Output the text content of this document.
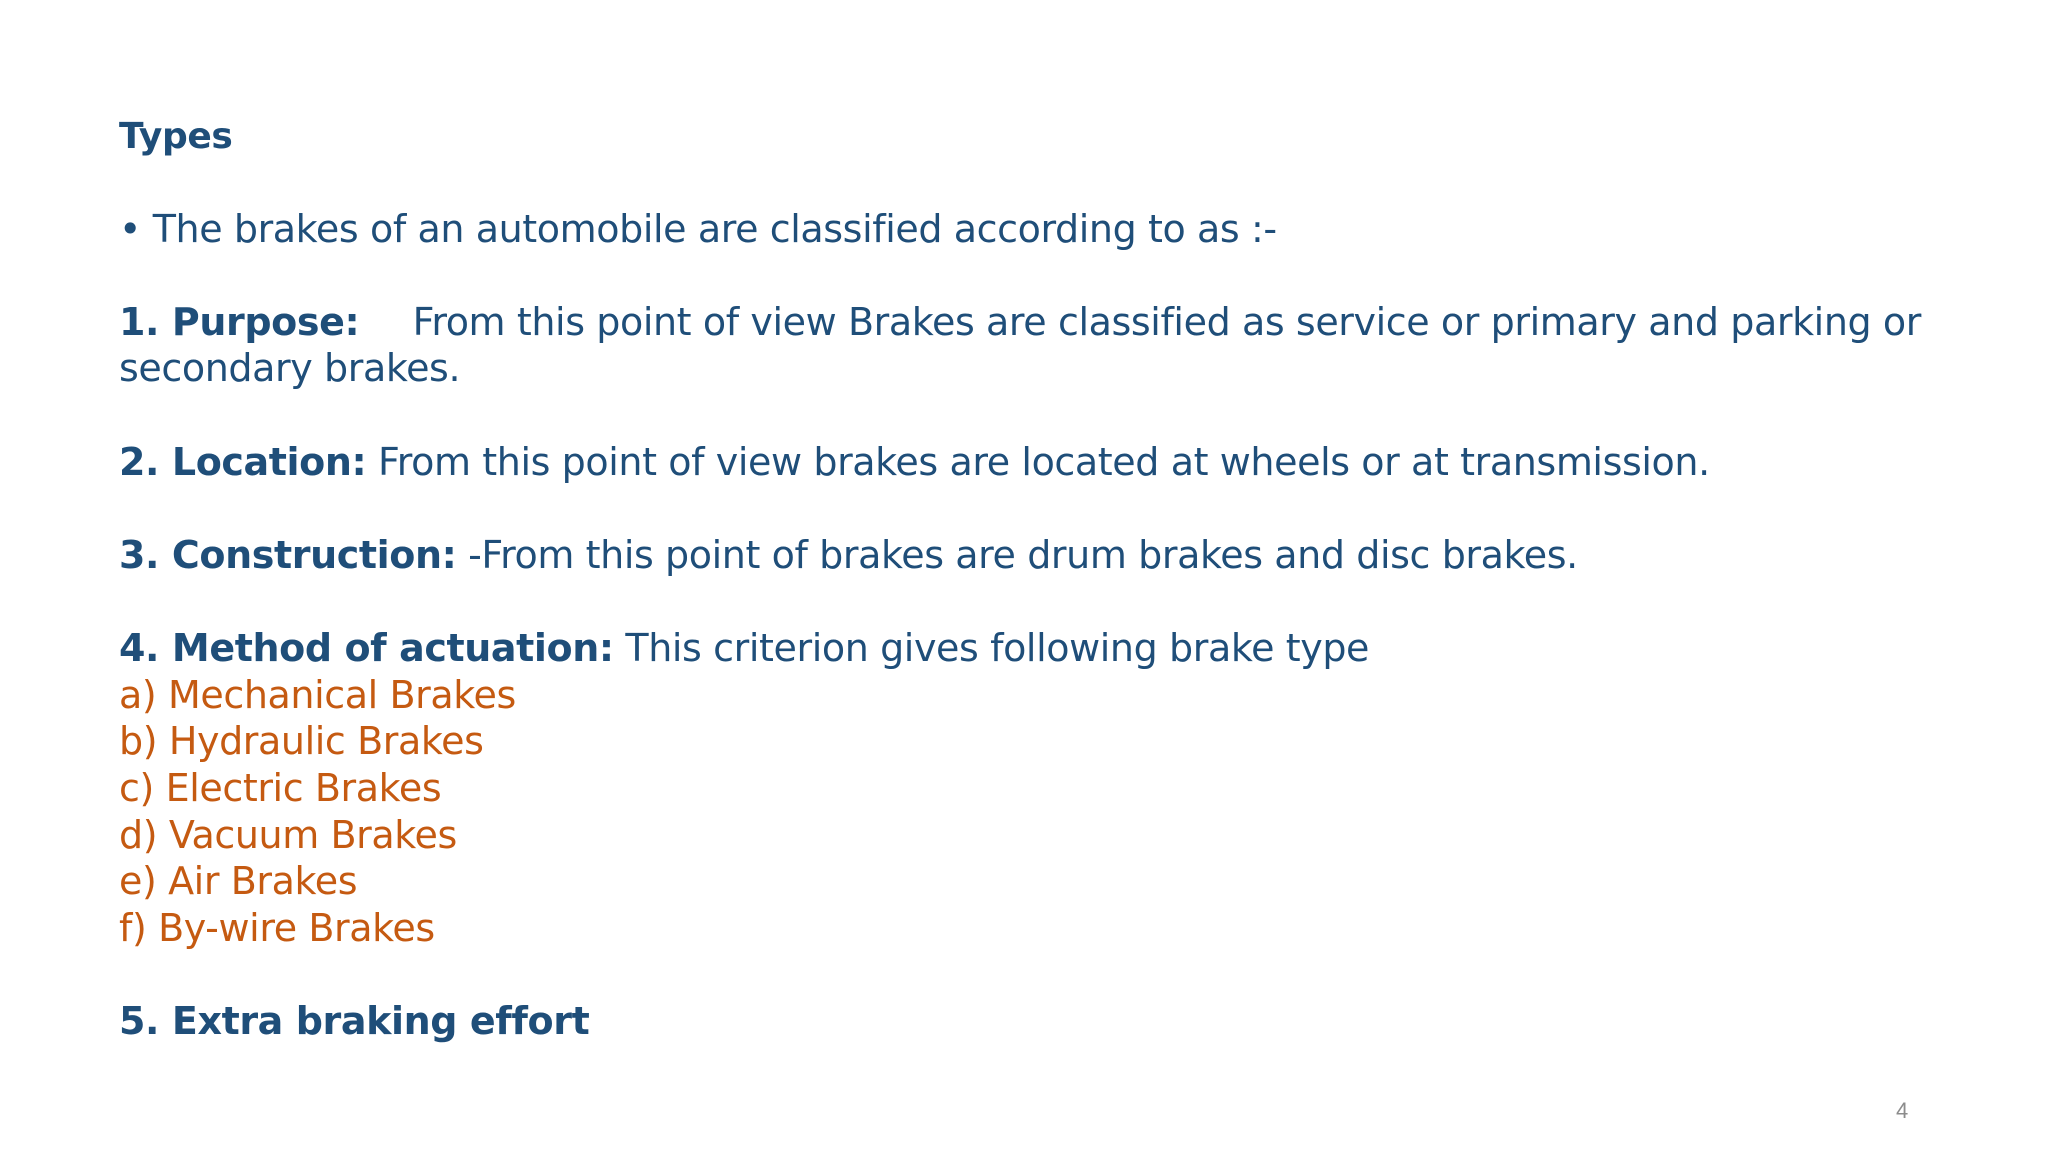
Types
• The brakes of an automobile are classified according to as :-
1. Purpose: From this point of view Brakes are classified as service or primary and parking or
secondary brakes.
2. Location: From this point of view brakes are located at wheels or at transmission.
3. Construction: -From this point of brakes are drum brakes and disc brakes.
4. Method of actuation: This criterion gives following brake type
a) Mechanical Brakes
b) Hydraulic Brakes
c) Electric Brakes
d) Vacuum Brakes
e) Air Brakes
f) By-wire Brakes
5. Extra braking effort
4
